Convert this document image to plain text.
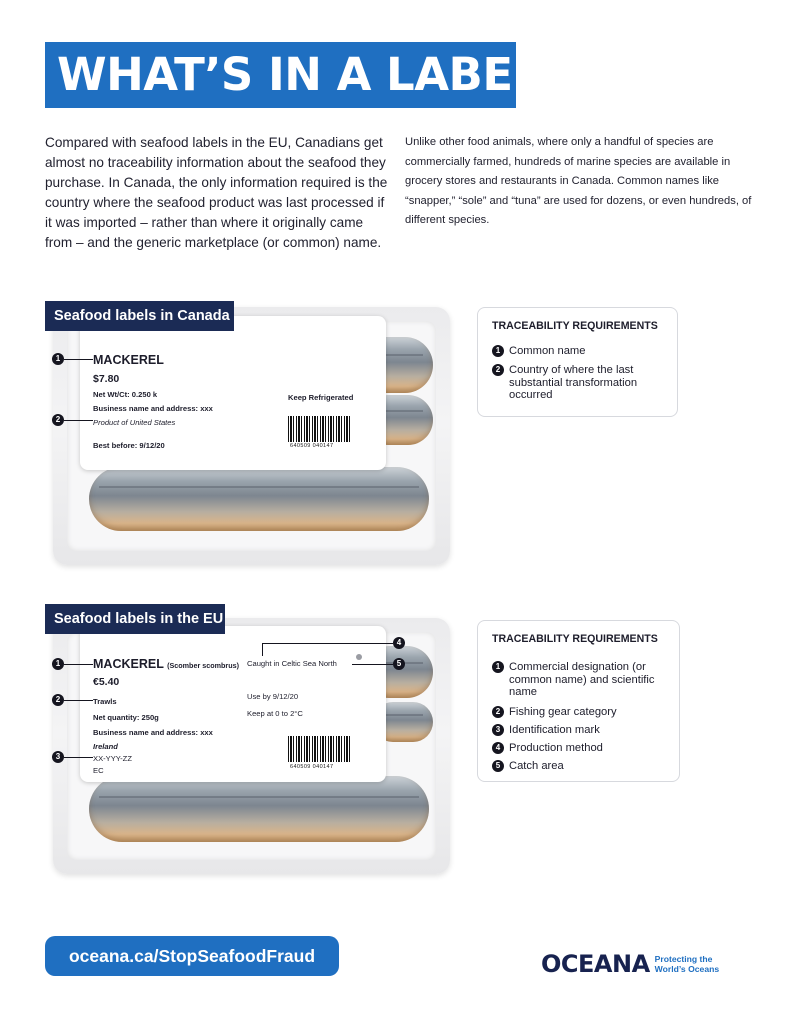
WHAT’S IN A LABEL?

Compared with seafood labels in the EU, Canadians get almost no traceability information about the seafood they purchase. In Canada, the only information required is the country where the seafood product was last processed if it was imported – rather than where it originally came from – and the generic marketplace (or common) name.

Unlike other food animals, where only a handful of species are commercially farmed, hundreds of marine species are available in grocery stores and restaurants in Canada. Common names like “snapper,” “sole” and “tuna” are used for dozens, or even hundreds, of different species.

MACKEREL
$7.80
Net Wt/Ct: 0.250 k
Business name and address: xxx
Product of United States
Best before: 9/12/20
Keep Refrigerated
640509 040147
Seafood labels in Canada
1
2
TRACEABILITY REQUIREMENTS
1 Common name
2 Country of where the last substantial transformation occurred
MACKEREL (Scomber scombrus)
€5.40
Trawls
Net quantity: 250g
Business name and address: xxx
Ireland
XX-YYY-ZZ
EC
Caught in Celtic Sea North
Use by 9/12/20
Keep at 0 to 2°C
640509 040147
Seafood labels in the EU
1
2
3
4
5
TRACEABILITY REQUIREMENTS
1 Commercial designation (or common name) and scientific name
2 Fishing gear category
3 Identification mark
4 Production method
5 Catch area
oceana.ca/StopSeafoodFraud	OCEANA Protecting the World’s Oceans
